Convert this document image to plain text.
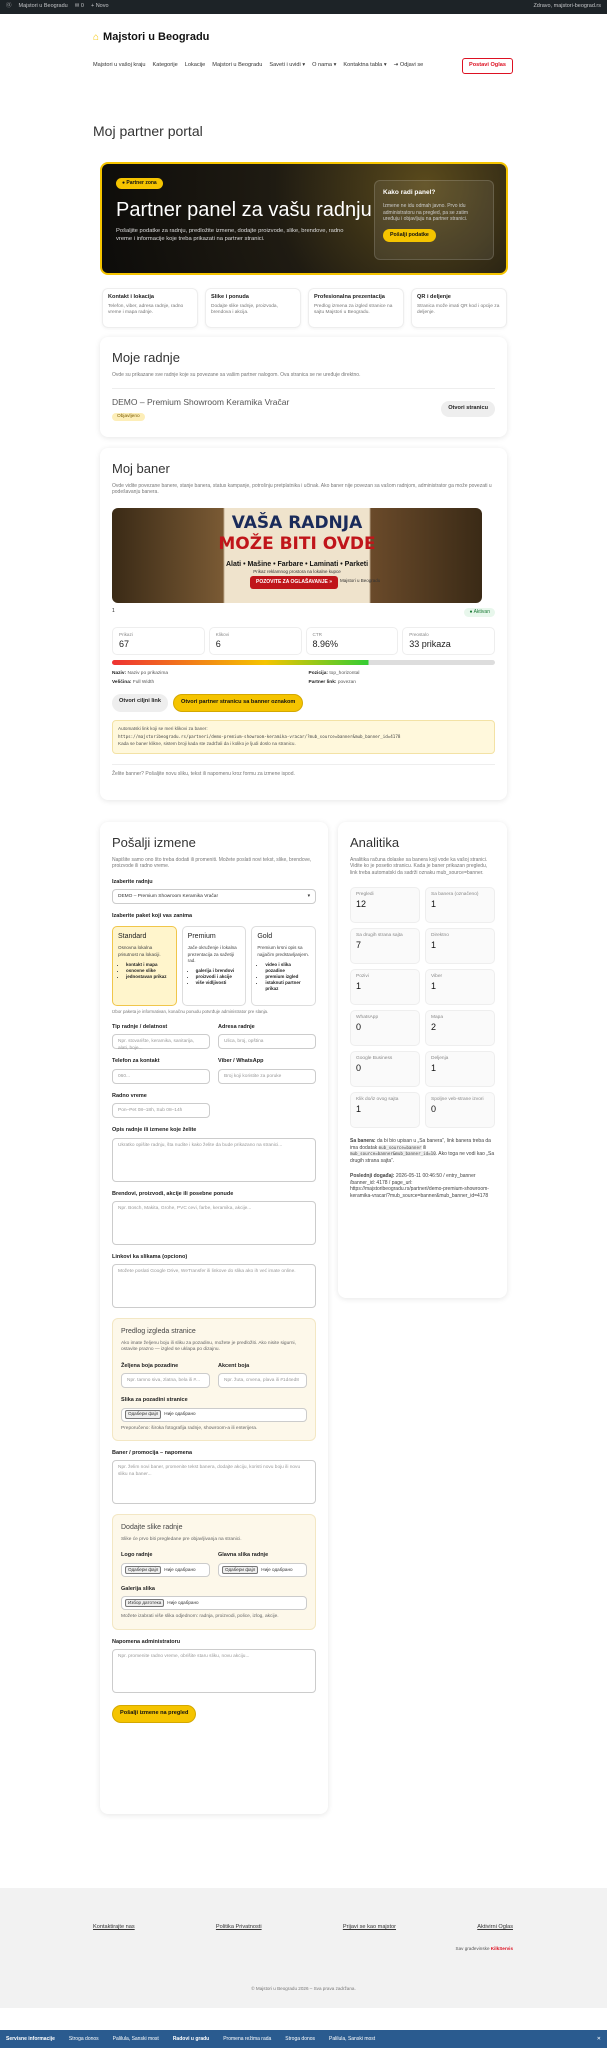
⓪ Majstori u Beogradu ✉ 0 + Novo	Zdravo, majstori-beograd.rs
⌂ Majstori u Beogradu
Majstori u vašoj kraju Kategorije Lokacije Majstori u Beogradu Saveti i uvidi ▾ O nama ▾ Kontaktna tabla ▾ ⇥ Odjavi se	Postavi Oglas
Moj partner portal
● Partner zona
Partner panel za vašu radnju

Pošaljite podatke za radnju, predložite izmene, dodajte proizvode, slike, brendove, radno vreme i informacije koje treba prikazati na partner stranici.

Kako radi panel?

Izmene ne idu odmah javno. Prvo idu administratoru na pregled, pa se zatim uređuju i objavljuju na partner stranici.

Pošalji podatke
Kontakt i lokacija
Telefon, viber, adresa radnje, radno vreme i mapa radnje.
Slike i ponuda
Dodajte slike radnje, proizvoda, brendova i akcija.
Profesionalna prezentacija
Predlog izmena za izgled stranice na sajtu Majstori u Beogradu.
QR i deljenje
Stranica može imati QR kod i opcije za deljenje.
Moje radnje

Ovde su prikazane sve radnje koje su povezane sa vašim partner nalogom. Ova stranica se ne uređuje direktno.

DEMO – Premium Showroom Keramika Vračar
Objavljeno
Otvori stranicu
Moj baner

Ovde vidite povezane banere, stanje banera, status kampanje, potrošnju pretplatnika i učinak. Ako baner nije povezan sa vašom radnjom, administrator ga može povezati u podešavanju banera.

VAŠA RADNJA
MOŽE BITI OVDE
Alati • Mašine • Farbare • Laminati • Parketi
Prikaz reklamnog prostora na lokalne kupce
POZOVITE ZA OGLAŠAVANJE »	Majstori u Beogradu
1	● Aktivan
Prikazi
67
Klikovi
6
CTR
8.96%
Preostalo
33 prikaza
Naziv: Naziv po prikazima	Pozicija: top_horizontal
Veličina: Full Width	Partner link: povezan
Otvori ciljni link	Otvori partner stranicu sa banner oznakom
Automatski link koji se meri klikovi za baner:
https://majstoribeogradu.rs/partneri/demo-premium-showroom-keramika-vracar/?mub_source=banner&mub_banner_id=4178
Kada se baner klikne, sistem broji kada ste zadržali da i koliko je ljudi doslo na stranicu.

Želite banner? Pošaljite novu sliku, tekst ili napomenu kroz formu za izmene ispod.

Pošalji izmene

Napišite samo ono što treba dodati ili promeniti. Možete poslati novi tekst, slike, brendove, proizvode ili radno vreme.

Izaberite radnju
DEMO – Premium Showroom Keramika Vračar	▾
Izaberite paket koji vas zanima
Standard

Osnovna lokalna prisutnost na lokaciji.

• kontakt i mapa
• osnovne slike
• jednostavan prikaz
Premium

Jače okruženje i lokalna prezentacija za sažetiji rad.

• galerija i brendovi
• proizvodi i akcije
• više vidljivosti
Gold

Premium krsni opis sa najjačim predstavljanjem.

• video i slika pozadine
• premium izgled
• istaknuti partner prikaz

Izbor paketa je informativan, konačnu ponudu potvrđuje administrator pre slanja.

Tip radnje / delatnost
Npr. stovarište, keramika, sanitarija, alati, boje...
Adresa radnje
Ulica, broj, opština
Telefon za kontakt
060...
Viber / WhatsApp
Broj koji koristite za poruke
Radno vreme
Pon–Pet 08–18h, Sub 08–14h
Opis radnje ili izmene koje želite
Ukratko opišite radnju, šta nudite i kako želite da bude prikazano na stranici...
Brendovi, proizvodi, akcije ili posebne ponude
Npr. Bosch, Makita, Grohe, PVC cevi, farbe, keramika, akcije...
Linkovi ka slikama (opciono)
Možete poslati Google Drive, WeTransfer ili linkove do slika ako ih već imate online.
Predlog izgleda stranice

Ako imate željenu boju ili sliku za pozadinu, možete je predložiti. Ako nisite sigurni, ostavite prazno — izgled se uklapa po dizajnu.

Željena boja pozadine
Npr. tamno siva, zlatna, bela ili #...
Akcent boja
Npr. žuta, crvena, plava ili #1d4ed8
Slika za pozadini stranice
Одабери фајл	Није одабрано

Preporučeno: široka fotografija radnje, showroom-a ili enterijera.

Baner / promocija – napomena
Npr. želim novi baner, promenite tekst banera, dodajte akciju, koristi novu boju ili novu sliku na baner...
Dodajte slike radnje

Slike će prvo biti pregledane pre objavljivanja na stranici.

Logo radnje
Одабери фајл	Није одабрано
Glavna slika radnje
Одабери фајл	Није одабрано
Galerija slika
Избор датотека	Није одабрано

Možete izabrati više slika odjednom: radnja, proizvodi, police, izlog, akcije.

Napomena administratoru
Npr. promenite radno vreme, obrišite staru sliku, novu akciju...
Pošalji izmene na pregled
Analitika

Analitika računa dolaske sa banera koji vode ka vašoj stranici. Vidite ko je posetio stranicu. Kada je baner prikazan pregledu, link treba automatski da sadrži oznaku mub_source=banner.

Pregledi
12
Sa banera (označeno)
1
Sa drugih strana sajta
7
Direktno
1
Pozivi
1
Viber
1
WhatsApp
0
Mapa
2
Google Business
0
Deljenja
1
Klik do/iz ovog sajta
1
Spoljne veb-strane izvori
0

Sa banera: da bi bio upisan u „Sa banera“, link banera treba da ima dodatak mub_source=banner ili mub_source=banner&mub_banner_id=10. Ako toga ne vodi kao „Sa drugih strana sajta“.

Poslednji događaj: 2026-05-11 00:46:50 / entry_banner /banner_id: 4178 / page_url: https://majstoribeogradu.rs/partneri/demo-premium-showroom-keramika-vracar/?mub_source=banner&mub_banner_id=4178

Kontaktirajte nas	Politika Privatnosti	Prijavi se kao majstor	Aktivirni Oglas
Sav građevinske KilkServis
© Majstori u Beogradu 2026 – Sva prava zadržana.
Servisne informacije	Stroga donos	Palilula, Sanski most	Radovi u gradu	Promena režima rada	Stroga donos	Palilula, Sanski most	✕
